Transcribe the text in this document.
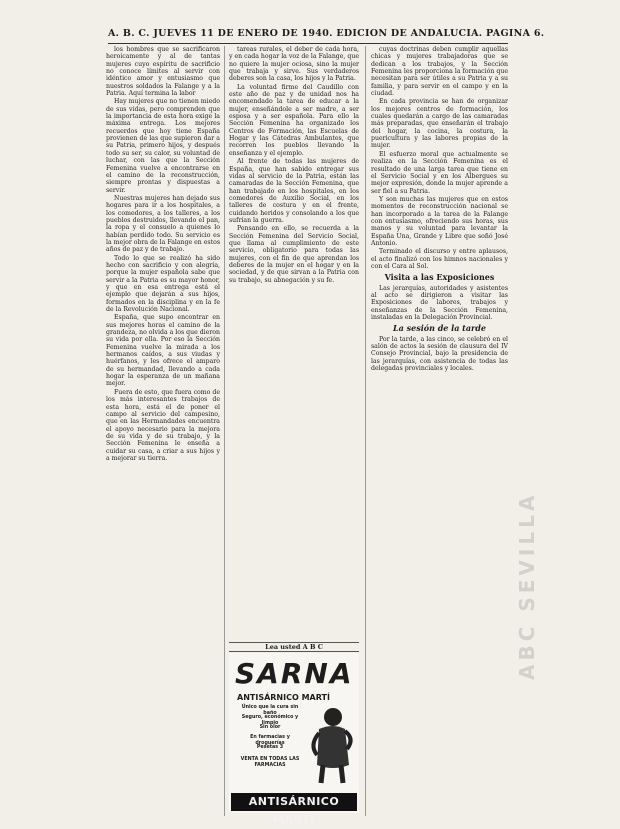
A. B. C. JUEVES 11 DE ENERO DE 1940. EDICION DE ANDALUCIA. PAGINA 6.

los hombres que se sacrificaron heroicamente y al de tantas mujeres cuyo espíritu de sacrificio no conoce límites al servir con idéntico amor y entusiasmo que nuestros soldados la Falange y a la Patria. Aquí termina la labor

Hay mujeres que no tienen miedo de sus vidas, pero comprenden que la importancia de esta hora exige la máxima entrega. Los mejores recuerdos que hoy tiene España provienen de las que supieron dar a su Patria, primero hijos, y después todo su ser, su calor, su voluntad de luchar, con las que la Sección Femenina vuelve a encontrarse en el camino de la reconstrucción, siempre prontas y dispuestas a servir.

Nuestras mujeres han dejado sus hogares para ir a los hospitales, a los comedores, a los talleres, a los pueblos destruidos, llevando el pan, la ropa y el consuelo a quienes lo habían perdido todo. Su servicio es la mejor obra de la Falange en estos años de paz y de trabajo.

Todo lo que se realizó ha sido hecho con sacrificio y con alegría, porque la mujer española sabe que servir a la Patria es su mayor honor, y que en esa entrega está el ejemplo que dejarán a sus hijos, formados en la disciplina y en la fe de la Revolución Nacional.

España, que supo encontrar en sus mejores horas el camino de la grandeza, no olvida a los que dieron su vida por ella. Por eso la Sección Femenina vuelve la mirada a los hermanos caídos, a sus viudas y huérfanos, y les ofrece el amparo de su hermandad, llevando a cada hogar la esperanza de un mañana mejor.

Fuera de esto, que fuera como de los más interesantes trabajos de esta hora, está el de poner el campo al servicio del campesino, que en las Hermandades encuentra el apoyo necesario para la mejora de su vida y de su trabajo, y la Sección Femenina le enseña a cuidar su casa, a criar a sus hijos y a mejorar su tierra.

tareas rurales, el deber de cada hora, y en cada hogar la voz de la Falange, que no quiere la mujer ociosa, sino la mujer que trabaja y sirve. Sus verdaderos deberes son la casa, los hijos y la Patria.

La voluntad firme del Caudillo con este año de paz y de unidad nos ha encomendado la tarea de educar a la mujer, enseñándole a ser madre, a ser esposa y a ser española. Para ello la Sección Femenina ha organizado los Centros de Formación, las Escuelas de Hogar y las Cátedras Ambulantes, que recorren los pueblos llevando la enseñanza y el ejemplo.

Al frente de todas las mujeres de España, que han sabido entregar sus vidas al servicio de la Patria, están las camaradas de la Sección Femenina, que han trabajado en los hospitales, en los comedores de Auxilio Social, en los talleres de costura y en el frente, cuidando heridos y consolando a los que sufrían la guerra.

Pensando en ello, se recuerda a la Sección Femenina del Servicio Social, que llama al cumplimiento de este servicio, obligatorio para todas las mujeres, con el fin de que aprendan los deberes de la mujer en el hogar y en la sociedad, y de que sirvan a la Patria con su trabajo, su abnegación y su fe.

Lea usted A B C
SARNA
ANTISÁRNICO MARTÍ
Único que la cura sin baño
Seguro, económico y limpio
Sin olor
En farmacias y droguerías
Pesetas 3
VENTA EN TODAS LAS FARMACIAS
ANTISÁRNICO MARTÍ

cuyas doctrinas deben cumplir aquellas chicas y mujeres trabajadoras que se dedican a los trabajos, y la Sección Femenina les proporciona la formación que necesitan para ser útiles a su Patria y a su familia, y para servir en el campo y en la ciudad.

En cada provincia se han de organizar los mejores centros de formación, los cuales quedarán a cargo de las camaradas más preparadas, que enseñarán el trabajo del hogar, la cocina, la costura, la puericultura y las labores propias de la mujer.

El esfuerzo moral que actualmente se realiza en la Sección Femenina es el resultado de una larga tarea que tiene en el Servicio Social y en los Albergues su mejor expresión, donde la mujer aprende a ser fiel a su Patria.

Y son muchas las mujeres que en estos momentos de reconstrucción nacional se han incorporado a la tarea de la Falange con entusiasmo, ofreciendo sus horas, sus manos y su voluntad para levantar la España Una, Grande y Libre que soñó José Antonio.

Terminado el discurso y entre aplausos, el acto finalizó con los himnos nacionales y con el Cara al Sol.

Visita a las Exposiciones

Las jerarquías, autoridades y asistentes al acto se dirigieron a visitar las Exposiciones de labores, trabajos y enseñanzas de la Sección Femenina, instaladas en la Delegación Provincial.

La sesión de la tarde

Por la tarde, a las cinco, se celebró en el salón de actos la sesión de clausura del IV Consejo Provincial, bajo la presidencia de las jerarquías, con asistencia de todas las delegadas provinciales y locales.

ABC SEVILLA
